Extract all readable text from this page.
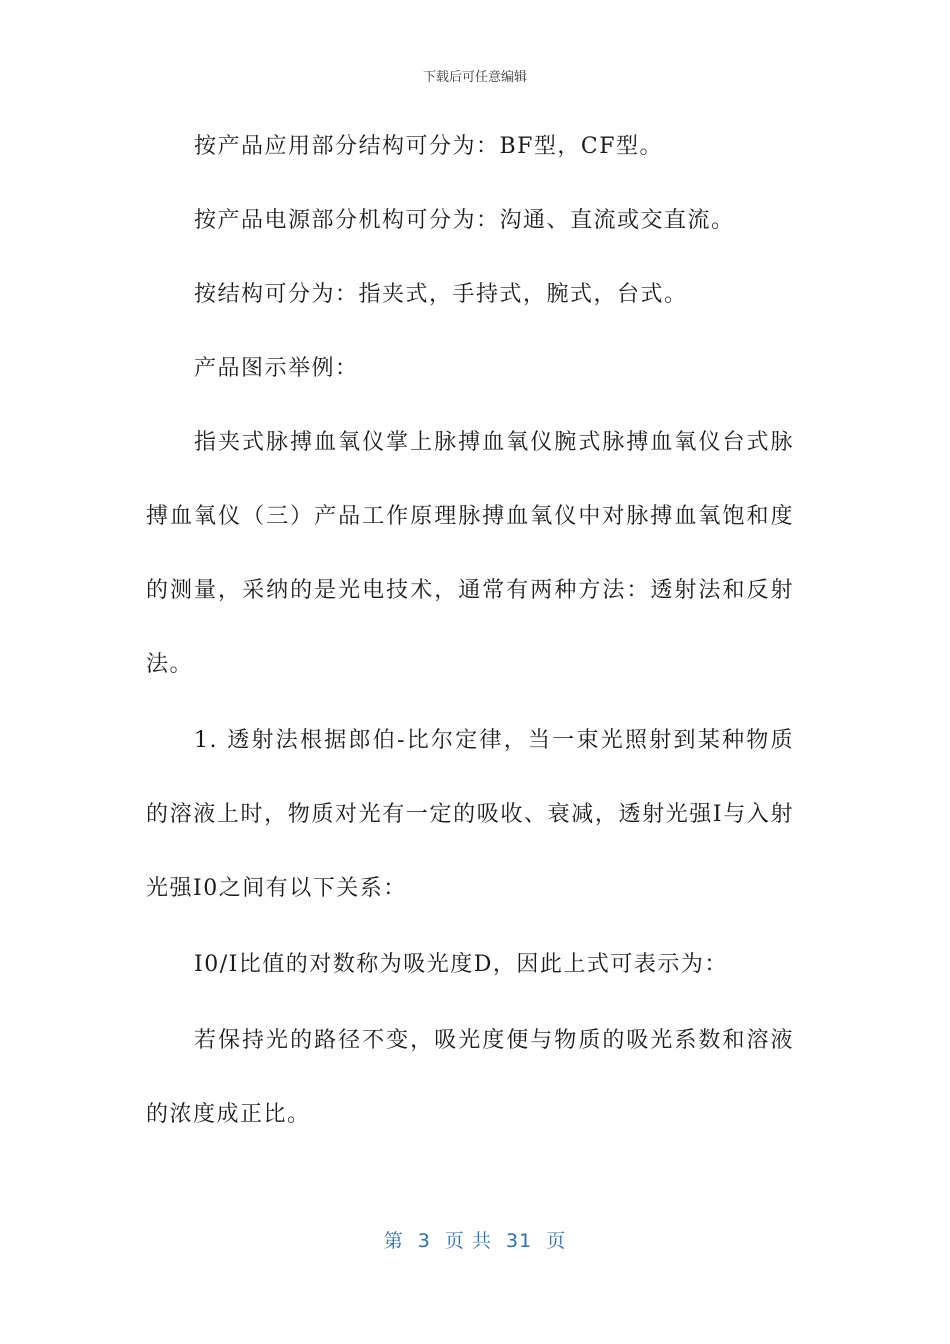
下载后可任意编辑

按产品应用部分结构可分为：BF型，CF型。

按产品电源部分机构可分为：沟通、直流或交直流。

按结构可分为：指夹式，手持式，腕式，台式。

产品图示举例：

指夹式脉搏血氧仪掌上脉搏血氧仪腕式脉搏血氧仪台式脉搏血氧仪（三）产品工作原理脉搏血氧仪中对脉搏血氧饱和度的测量，采纳的是光电技术，通常有两种方法：透射法和反射法。

1. 透射法根据郎伯-比尔定律，当一束光照射到某种物质的溶液上时，物质对光有一定的吸收、衰减，透射光强I与入射光强I0之间有以下关系：

I0/I比值的对数称为吸光度D，因此上式可表示为：

若保持光的路径不变，吸光度便与物质的吸光系数和溶液的浓度成正比。

第  3  页 共  31  页
